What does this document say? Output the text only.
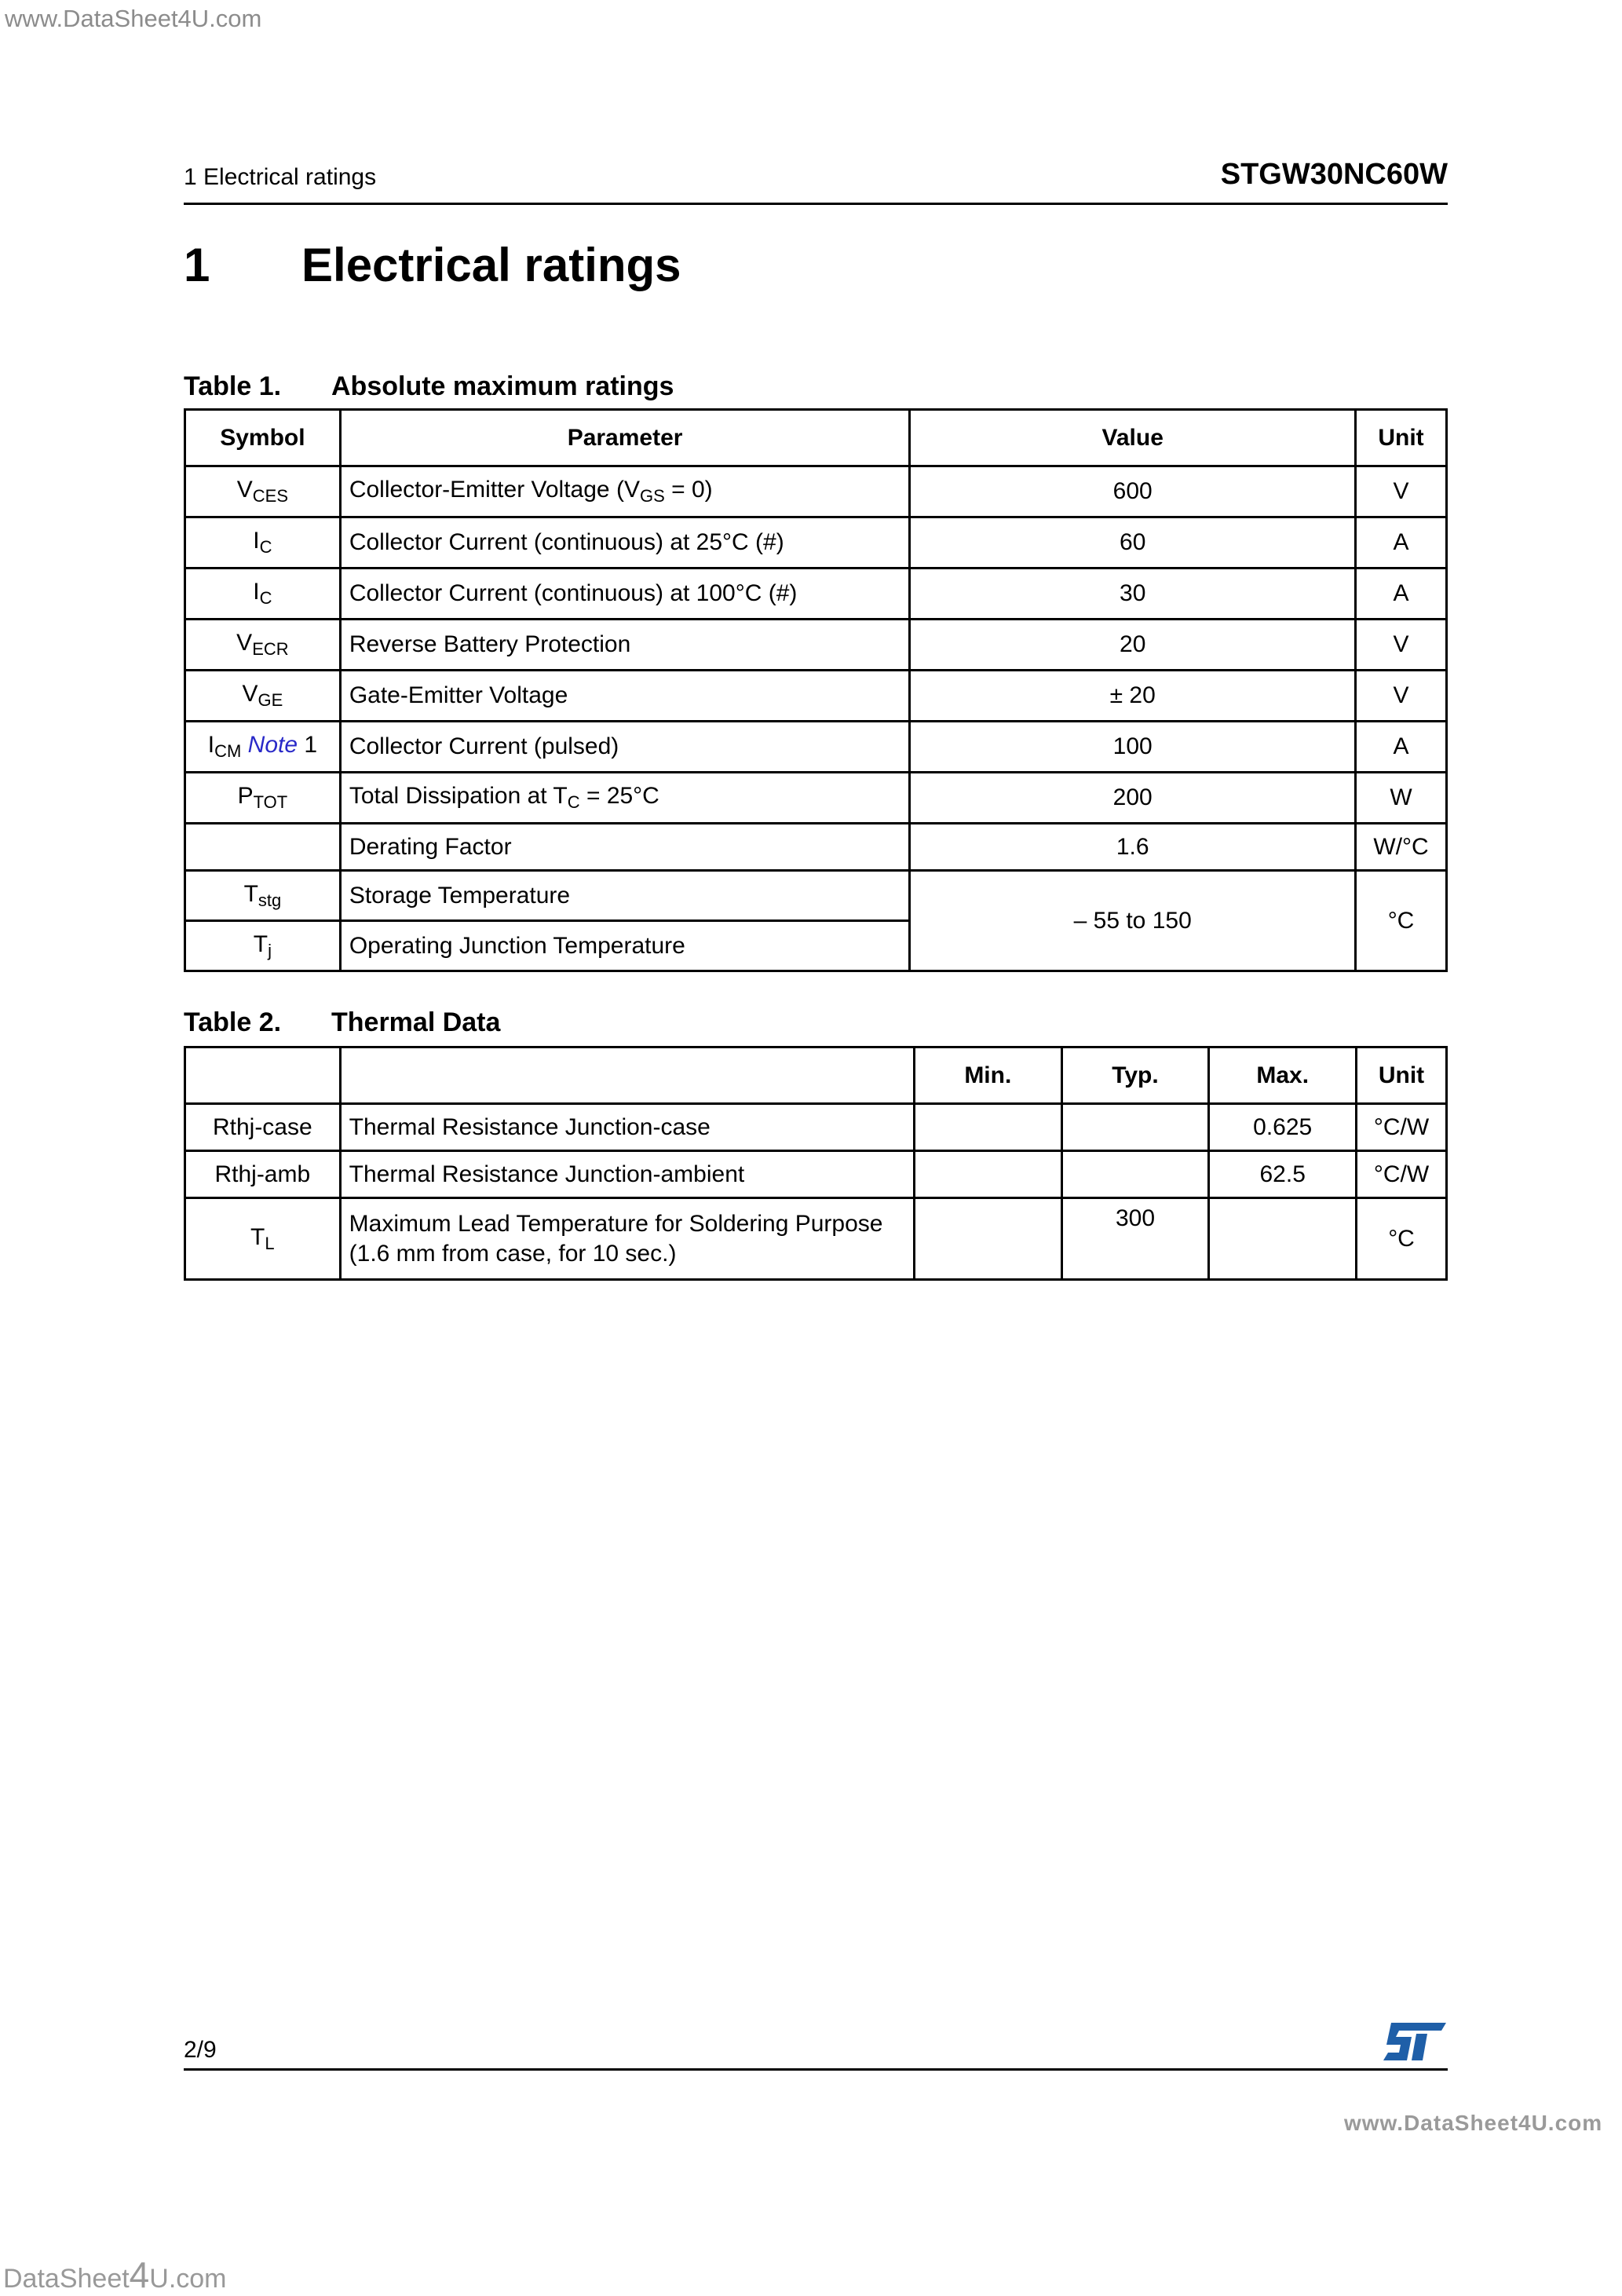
www.DataSheet4U.com
1 Electrical ratings	STGW30NC60W
1 Electrical ratings
Table 1. Absolute maximum ratings
Symbol	Parameter	Value	Unit
$V_{CES}$	Collector-Emitter Voltage $(V_{GS} = 0)$	600	V
$I_C$	Collector Current (continuous) at 25°C (#)	60	A
$I_C$	Collector Current (continuous) at 100°C (#)	30	A
$V_{ECR}$	Reverse Battery Protection	20	V
$V_{GE}$	Gate-Emitter Voltage	± 20	V
$I_{CM}$ Note 1	Collector Current (pulsed)	100	A
$P_{TOT}$	Total Dissipation at $T_C = 25^\circ C$	200	W
	Derating Factor	1.6	W/°C
$T_{stg}$	Storage Temperature	– 55 to 150	°C
$T_j$	Operating Junction Temperature		
Table 2. Thermal Data
		Min.	Typ.	Max.	Unit
Rthj-case	Thermal Resistance Junction-case			0.625	°C/W
Rthj-amb	Thermal Resistance Junction-ambient			62.5	°C/W
$T_L$	Maximum Lead Temperature for Soldering Purpose
(1.6 mm from case, for 10 sec.)		300		°C
2/9
www.DataSheet4U.com
DataSheet4U.com
